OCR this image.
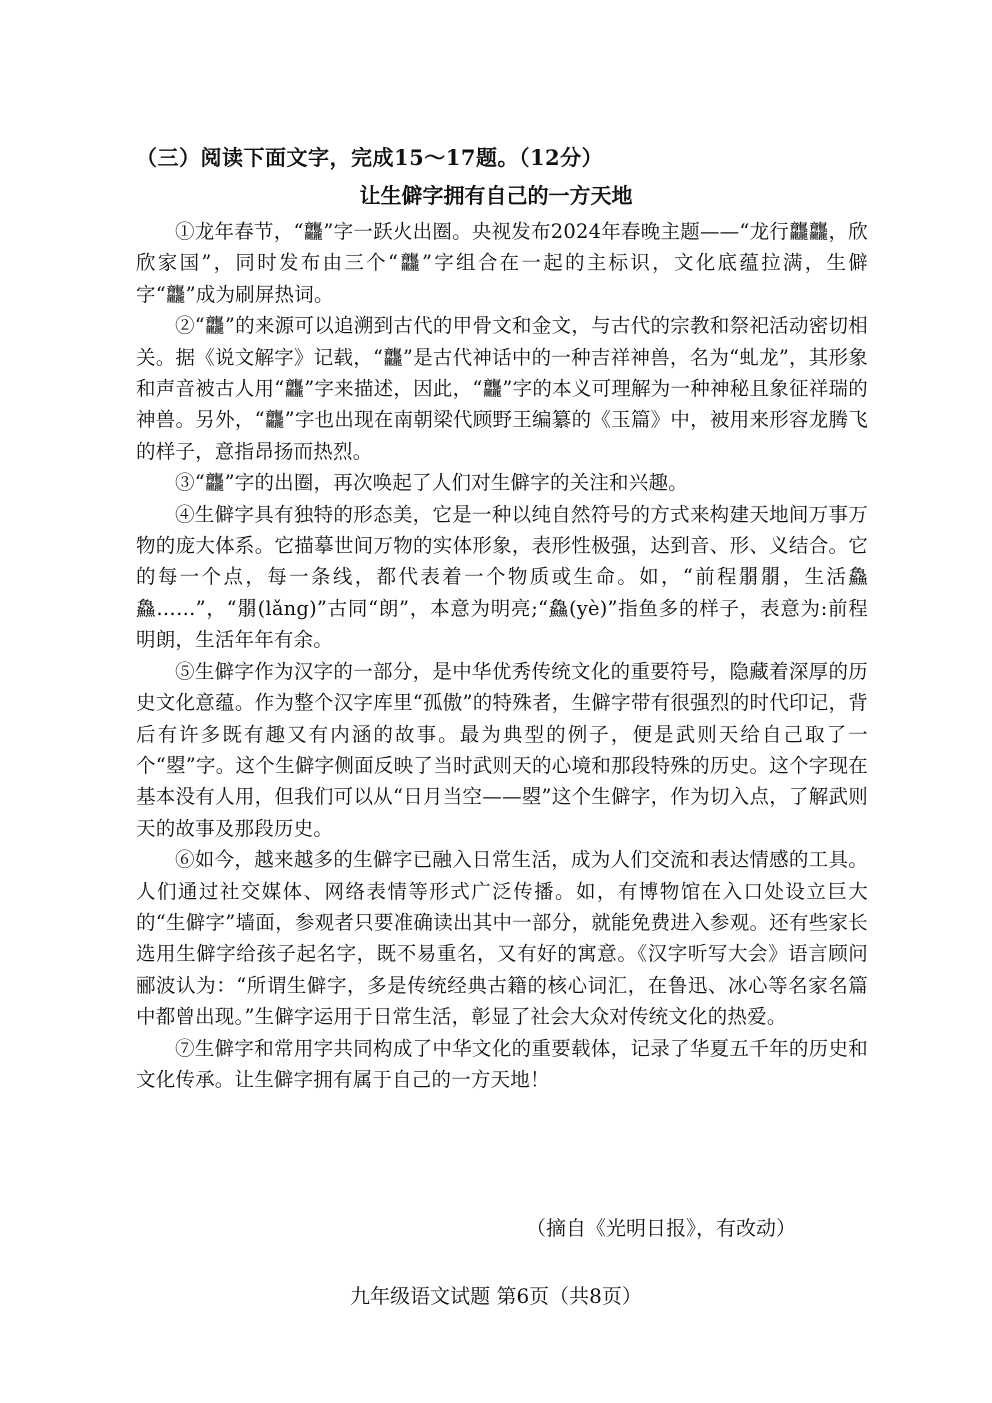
（三）阅读下面文字，完成15～17题。（12分）
让生僻字拥有自己的一方天地

①龙年春节，“龘”字一跃火出圈。央视发布2024年春晚主题——“龙行龘龘，欣欣家国”，同时发布由三个“龘”字组合在一起的主标识，文化底蕴拉满，生僻字“龘”成为刷屏热词。

②“龘”的来源可以追溯到古代的甲骨文和金文，与古代的宗教和祭祀活动密切相关。据《说文解字》记载，“龘”是古代神话中的一种吉祥神兽，名为“虬龙”，其形象和声音被古人用“龘”字来描述，因此，“龘”字的本义可理解为一种神秘且象征祥瑞的神兽。另外，“龘”字也出现在南朝梁代顾野王编纂的《玉篇》中，被用来形容龙腾飞的样子，意指昂扬而热烈。

③“龘”字的出圈，再次唤起了人们对生僻字的关注和兴趣。

④生僻字具有独特的形态美，它是一种以纯自然符号的方式来构建天地间万事万物的庞大体系。它描摹世间万物的实体形象，表形性极强，达到音、形、义结合。它的每一个点，每一条线，都代表着一个物质或生命。如，“前程朤朤，生活鱻鱻……”，“朤(lǎng)”古同“朗”，本意为明亮;“鱻(yè)”指鱼多的样子，表意为:前程明朗，生活年年有余。

⑤生僻字作为汉字的一部分，是中华优秀传统文化的重要符号，隐藏着深厚的历史文化意蕴。作为整个汉字库里“孤傲”的特殊者，生僻字带有很强烈的时代印记，背后有许多既有趣又有内涵的故事。最为典型的例子，便是武则天给自己取了一个“曌”字。这个生僻字侧面反映了当时武则天的心境和那段特殊的历史。这个字现在基本没有人用，但我们可以从“日月当空——曌”这个生僻字，作为切入点，了解武则天的故事及那段历史。

⑥如今，越来越多的生僻字已融入日常生活，成为人们交流和表达情感的工具。人们通过社交媒体、网络表情等形式广泛传播。如，有博物馆在入口处设立巨大的“生僻字”墙面，参观者只要准确读出其中一部分，就能免费进入参观。还有些家长选用生僻字给孩子起名字，既不易重名，又有好的寓意。《汉字听写大会》语言顾问郦波认为：“所谓生僻字，多是传统经典古籍的核心词汇，在鲁迅、冰心等名家名篇中都曾出现。”生僻字运用于日常生活，彰显了社会大众对传统文化的热爱。

⑦生僻字和常用字共同构成了中华文化的重要载体，记录了华夏五千年的历史和文化传承。让生僻字拥有属于自己的一方天地！

（摘自《光明日报》，有改动）
九年级语文试题 第6页（共8页）
